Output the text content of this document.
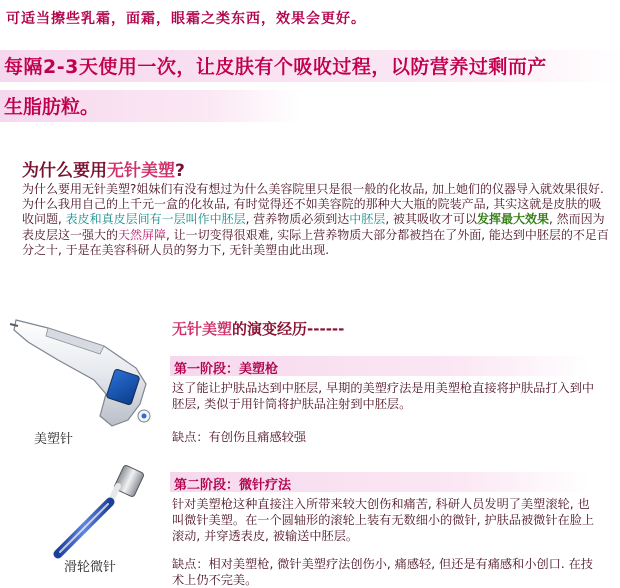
可适当擦些乳霜，面霜，眼霜之类东西，效果会更好。
每隔2-3天使用一次，让皮肤有个吸收过程，以防营养过剩而产
生脂肪粒。
为什么要用无针美塑?
为什么要用无针美塑?姐妹们有没有想过为什么美容院里只是很一般的化妆品, 加上她们的仪器导入就效果很好. 为什么我用自己的上千元一盒的化妆品, 有时觉得还不如美容院的那种大大瓶的院装产品, 其实这就是皮肤的吸收问题, 表皮和真皮层间有一层叫作中胚层, 营养物质必须到达中胚层, 被其吸收才可以发挥最大效果, 然而因为表皮层这一强大的天然屏障, 让一切变得很艰难, 实际上营养物质大部分都被挡在了外面, 能达到中胚层的不足百分之十, 于是在美容科研人员的努力下, 无针美塑由此出现.
美塑针
无针美塑的演变经历------
第一阶段：美塑枪
这了能让护肤品达到中胚层, 早期的美塑疗法是用美塑枪直接将护肤品打入到中胚层, 类似于用针筒将护肤品注射到中胚层。
缺点：有创伤且痛感较强
滑轮微针
第二阶段：微针疗法
针对美塑枪这种直接注入所带来较大创伤和痛苦, 科研人员发明了美塑滚轮, 也叫微针美塑。在一个圆轴形的滚轮上装有无数细小的微针, 护肤品被微针在脸上滚动, 并穿透表皮, 被输送中胚层。
缺点：相对美塑枪, 微针美塑疗法创伤小, 痛感轻, 但还是有痛感和小创口. 在技术上仍不完美。
